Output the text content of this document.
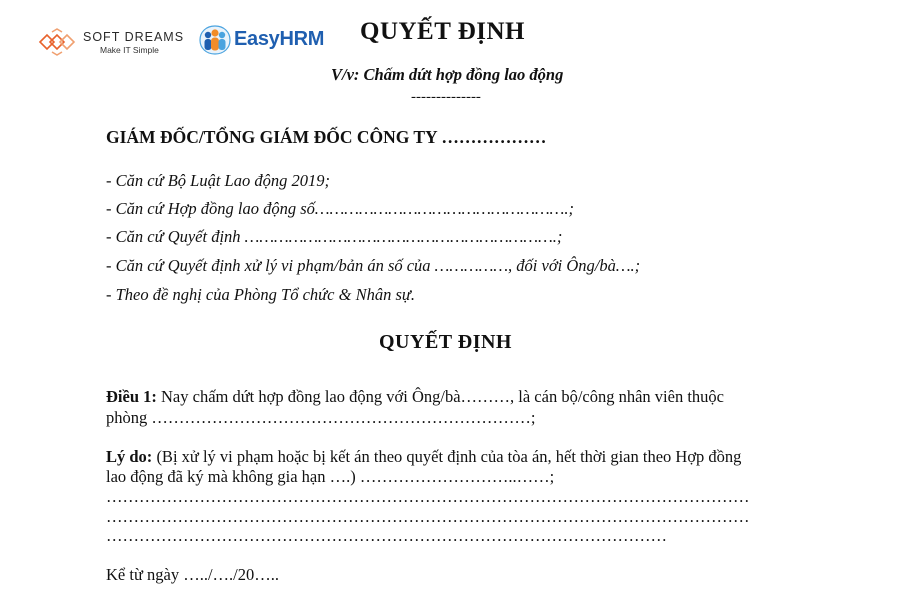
SOFT DREAMS
Make IT Simple	EasyHRM QUYẾT ĐỊNH
V/v: Chấm dứt hợp đồng lao động
--------------
GIÁM ĐỐC/TỔNG GIÁM ĐỐC CÔNG TY ………………

- Căn cứ Bộ Luật Lao động 2019;

- Căn cứ Hợp đồng lao động số…………………………………………….;

- Căn cứ Quyết định ……………………………………………………….;

- Căn cứ Quyết định xử lý vi phạm/bản án số của ……………, đối với Ông/bà….;

- Theo đề nghị của Phòng Tổ chức & Nhân sự.

QUYẾT ĐỊNH
Điều 1: Nay chấm dứt hợp đồng lao động với Ông/bà………, là cán bộ/công nhân viên thuộc
phòng ……………………………………………………………;
Lý do: (Bị xử lý vi phạm hoặc bị kết án theo quyết định của tòa án, hết thời gian theo Hợp đồng
lao động đã ký mà không gia hạn ….) ………………………..……;
………………………………………………………………………………………………………
………………………………………………………………………………………………………
…………………………………………………………………………………………
Kể từ ngày …../…./20…..
